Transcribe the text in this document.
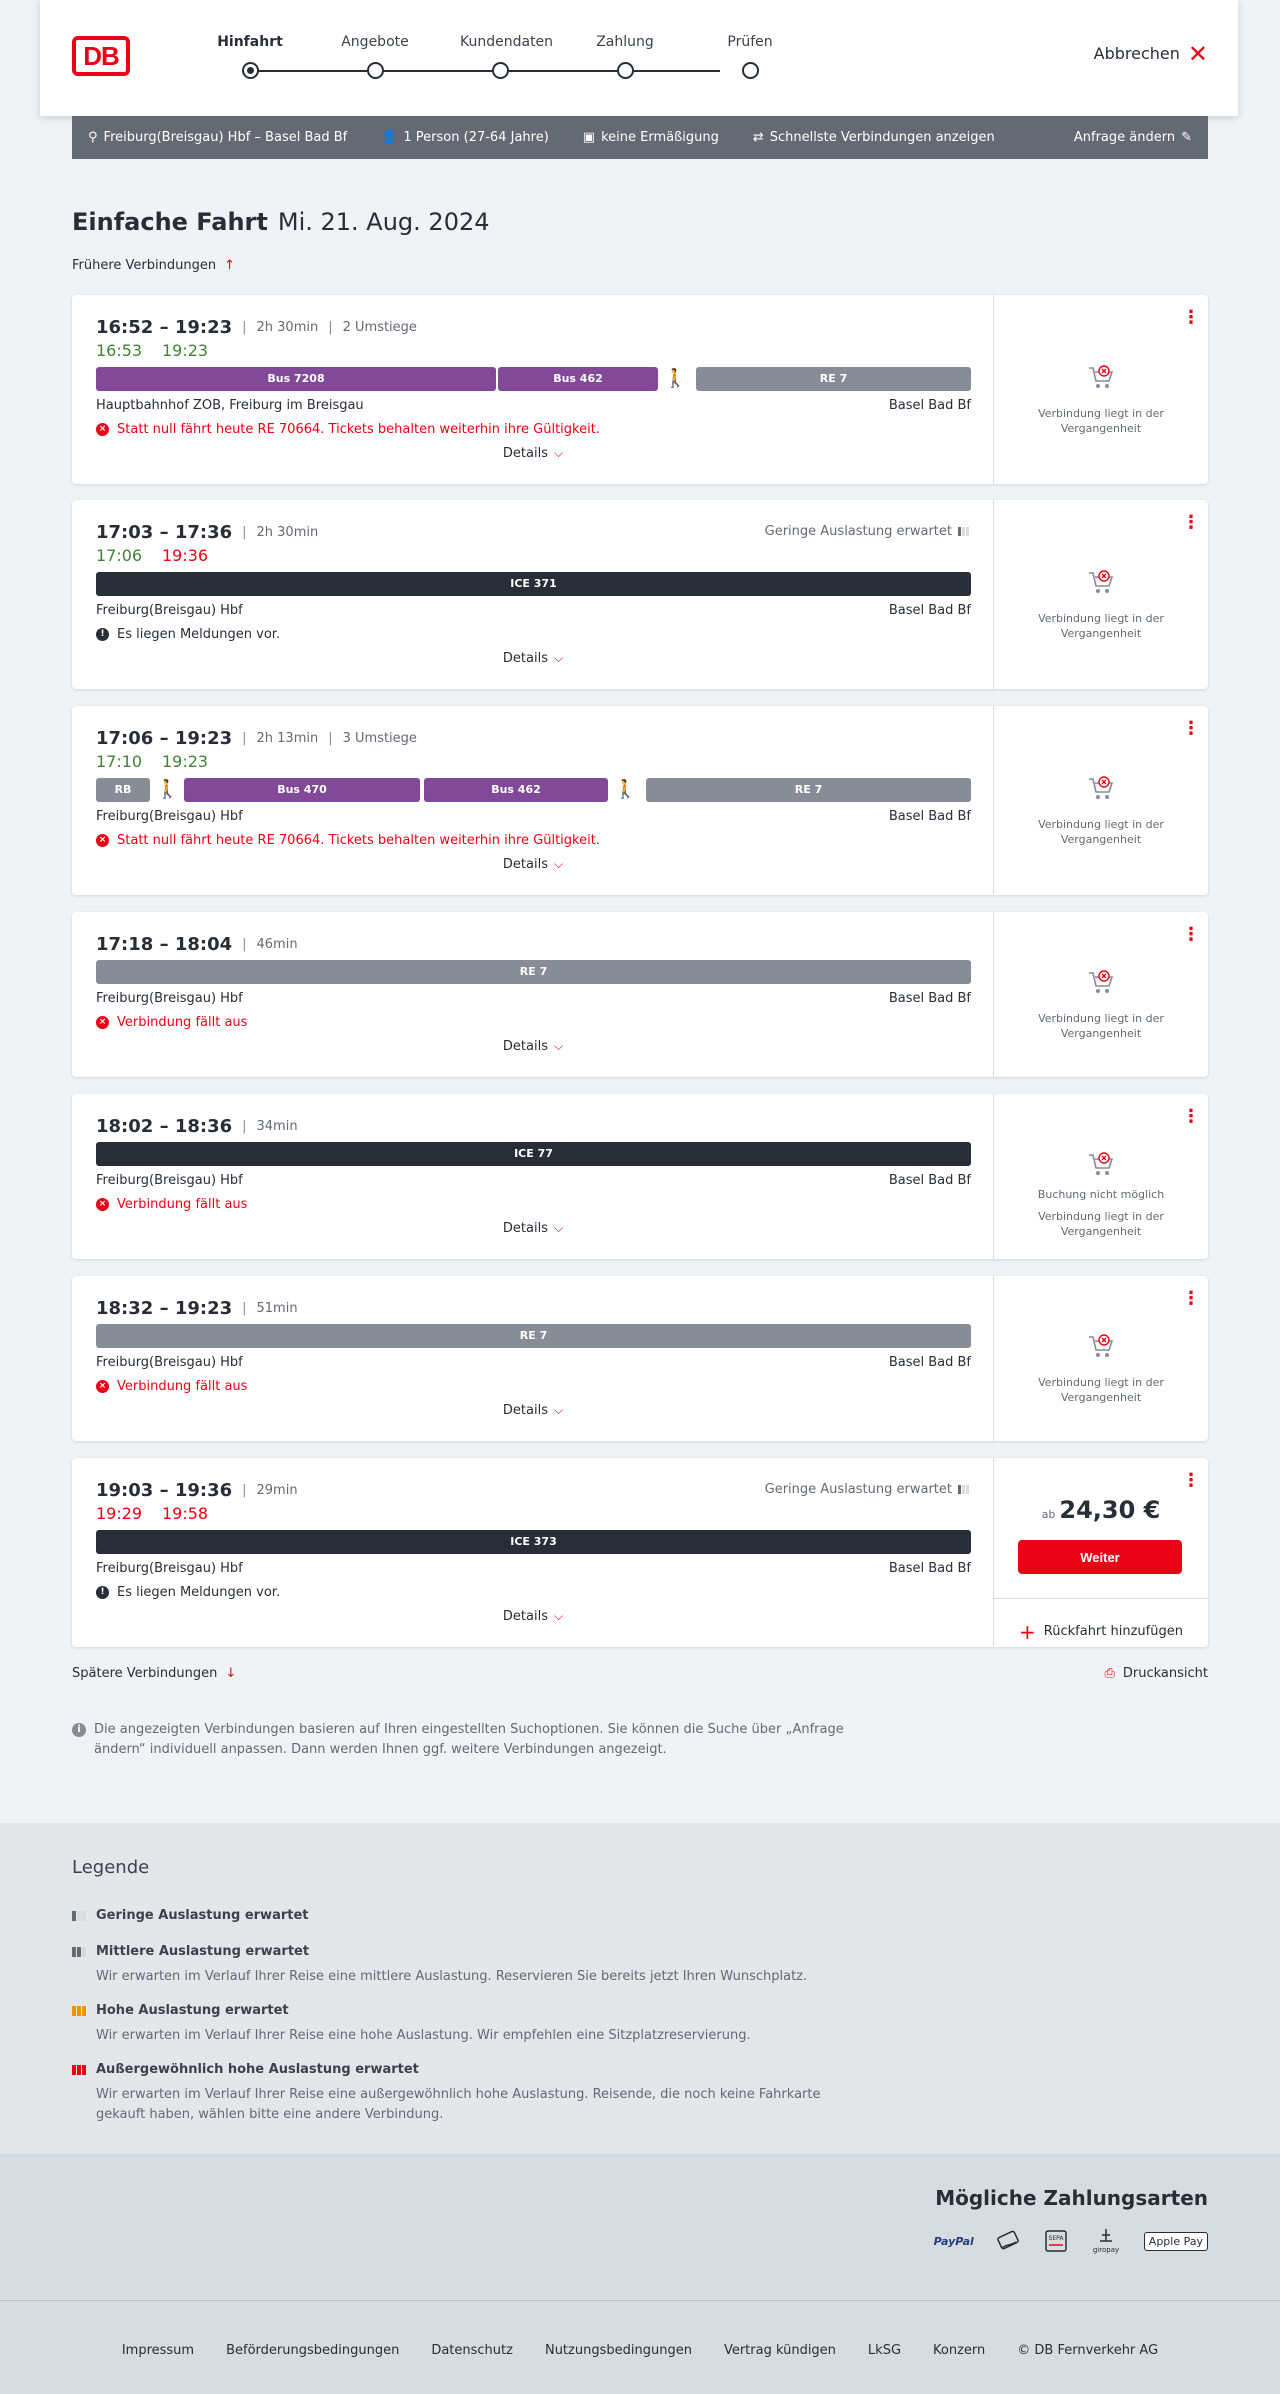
DB	Hinfahrt	Angebote	Kundendaten	Zahlung	Prüfen
Abbrechen ✕
⚲ Freiburg(Breisgau) Hbf – Basel Bad Bf	👤 1 Person (27-64 Jahre)	▣ keine Ermäßigung	⇄ Schnellste Verbindungen anzeigen	Anfrage ändern ✎
Einfache Fahrt Mi. 21. Aug. 2024
Frühere Verbindungen ↑
16:52 – 19:23 | 2h 30min | 2 Umstiege
16:53 19:23
Bus 7208	Bus 462	🚶	RE 7
Hauptbahnhof ZOB, Freiburg im Breisgau	Basel Bad Bf
× Statt null fährt heute RE 70664. Tickets behalten weiterhin ihre Gültigkeit.
Details ⌵
⋮
Verbindung liegt in der Vergangenheit
17:03 – 17:36 | 2h 30min	Geringe Auslastung erwartet
17:06 19:36
ICE 371
Freiburg(Breisgau) Hbf	Basel Bad Bf
! Es liegen Meldungen vor.
Details ⌵
⋮
Verbindung liegt in der Vergangenheit
17:06 – 19:23 | 2h 13min | 3 Umstiege
17:10 19:23
RB	🚶	Bus 470	Bus 462	🚶	RE 7
Freiburg(Breisgau) Hbf	Basel Bad Bf
× Statt null fährt heute RE 70664. Tickets behalten weiterhin ihre Gültigkeit.
Details ⌵
⋮
Verbindung liegt in der Vergangenheit
17:18 – 18:04 | 46min
RE 7
Freiburg(Breisgau) Hbf	Basel Bad Bf
× Verbindung fällt aus
Details ⌵
⋮
Verbindung liegt in der Vergangenheit
18:02 – 18:36 | 34min
ICE 77
Freiburg(Breisgau) Hbf	Basel Bad Bf
× Verbindung fällt aus
Details ⌵
⋮
Buchung nicht möglich
Verbindung liegt in der Vergangenheit
18:32 – 19:23 | 51min
RE 7
Freiburg(Breisgau) Hbf	Basel Bad Bf
× Verbindung fällt aus
Details ⌵
⋮
Verbindung liegt in der Vergangenheit
19:03 – 19:36 | 29min	Geringe Auslastung erwartet
19:29 19:58
ICE 373
Freiburg(Breisgau) Hbf	Basel Bad Bf
! Es liegen Meldungen vor.
Details ⌵
⋮
ab 24,30 €
Weiter
+ Rückfahrt hinzufügen
Spätere Verbindungen ↓	⎙ Druckansicht
i	Die angezeigten Verbindungen basieren auf Ihren eingestellten Suchoptionen. Sie können die Suche über „Anfrage ändern“ individuell anpassen. Dann werden Ihnen ggf. weitere Verbindungen angezeigt.
Legende
Geringe Auslastung erwartet
Mittlere Auslastung erwartet
Wir erwarten im Verlauf Ihrer Reise eine mittlere Auslastung. Reservieren Sie bereits jetzt Ihren Wunschplatz.
Hohe Auslastung erwartet
Wir erwarten im Verlauf Ihrer Reise eine hohe Auslastung. Wir empfehlen eine Sitzplatzreservierung.
Außergewöhnlich hohe Auslastung erwartet
Wir erwarten im Verlauf Ihrer Reise eine außergewöhnlich hohe Auslastung. Reisende, die noch keine Fahrkarte gekauft haben, wählen bitte eine andere Verbindung.
Mögliche Zahlungsarten
PayPal	SEPA
giropay
Apple Pay
Impressum Beförderungsbedingungen Datenschutz Nutzungsbedingungen Vertrag kündigen LkSG Konzern © DB Fernverkehr AG
